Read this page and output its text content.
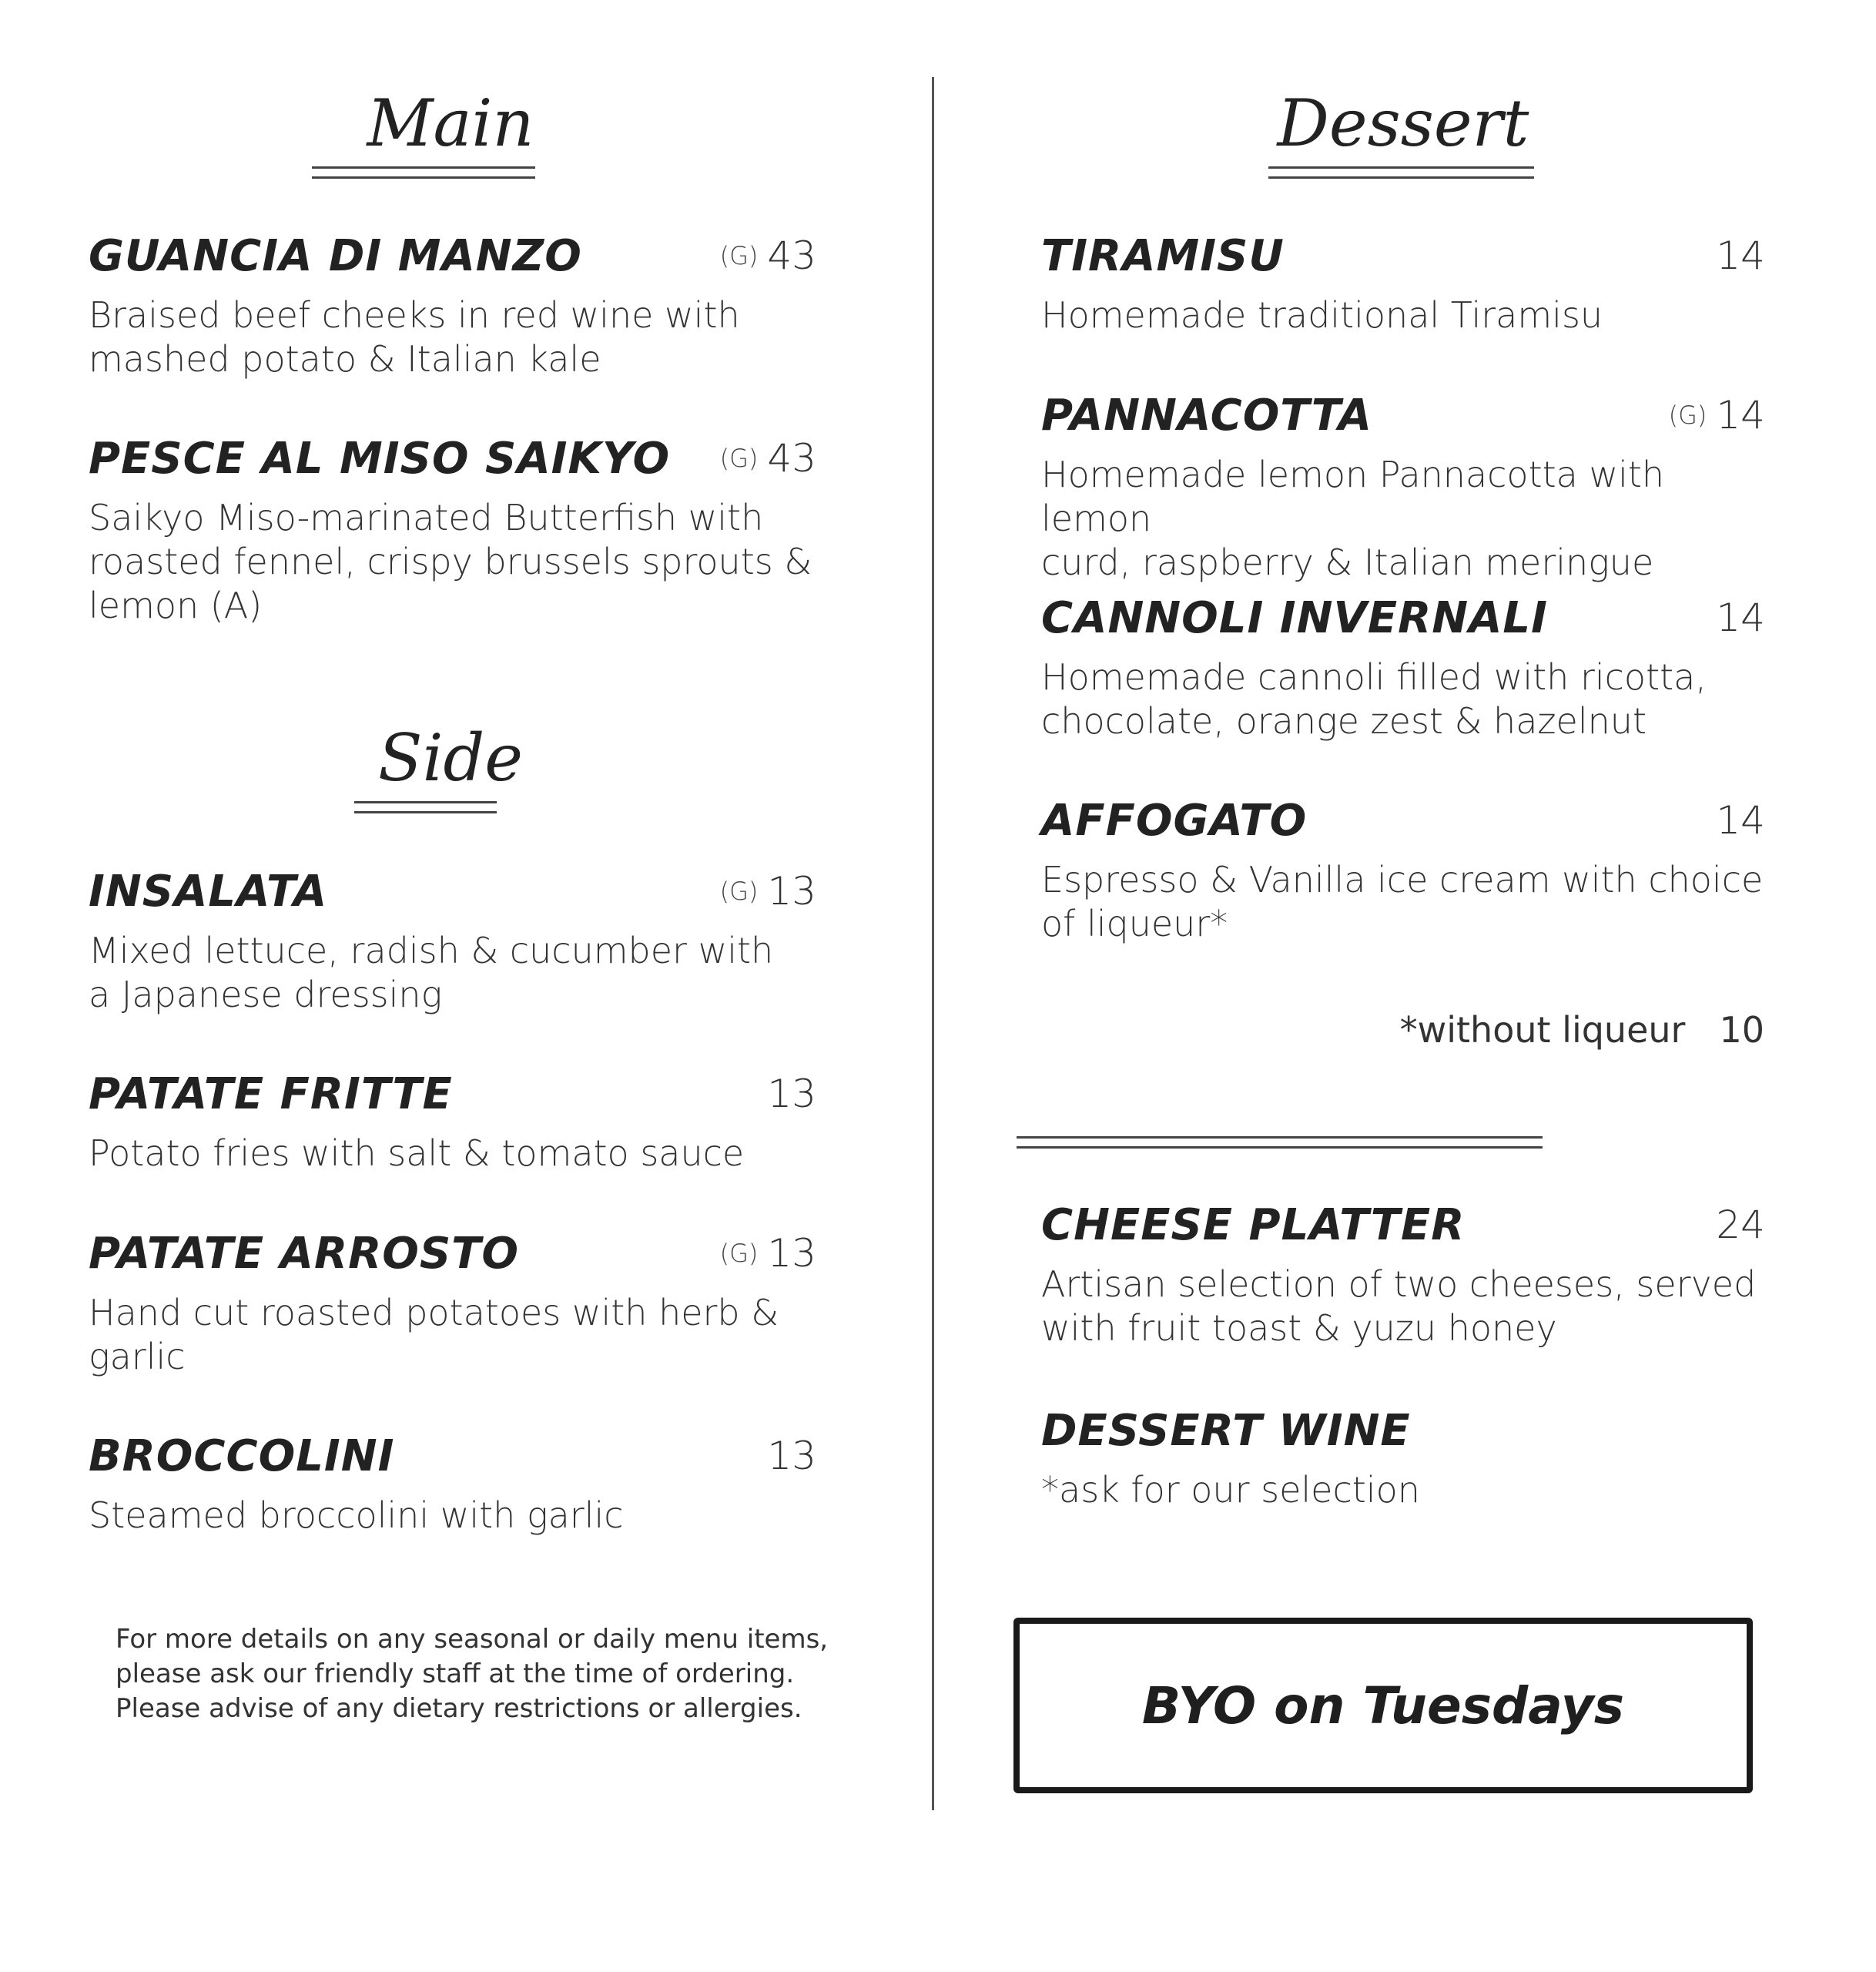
Main
GUANCIA DI MANZO	(G) 43
Braised beef cheeks in red wine with
mashed potato & Italian kale
PESCE AL MISO SAIKYO (G) 43
Saikyo Miso-marinated Butterfish with
roasted fennel, crispy brussels sprouts &
lemon (A)
Side
INSALATA	(G) 13
Mixed lettuce, radish & cucumber with
a Japanese dressing
PATATE FRITTE	13
Potato fries with salt & tomato sauce
PATATE ARROSTO	(G) 13
Hand cut roasted potatoes with herb &
garlic
BROCCOLINI	13
Steamed broccolini with garlic
For more details on any seasonal or daily menu items,
please ask our friendly staff at the time of ordering.
Please advise of any dietary restrictions or allergies.
Dessert
TIRAMISU	14
Homemade traditional Tiramisu
PANNACOTTA	(G) 14
Homemade lemon Pannacotta with lemon
curd, raspberry & Italian meringue
CANNOLI INVERNALI	14
Homemade cannoli filled with ricotta,
chocolate, orange zest & hazelnut
AFFOGATO	14
Espresso & Vanilla ice cream with choice
of liqueur*
CHEESE PLATTER	24
Artisan selection of two cheeses, served
with fruit toast & yuzu honey
DESSERT WINE
*ask for our selection
*without liqueur 10
BYO on Tuesdays
